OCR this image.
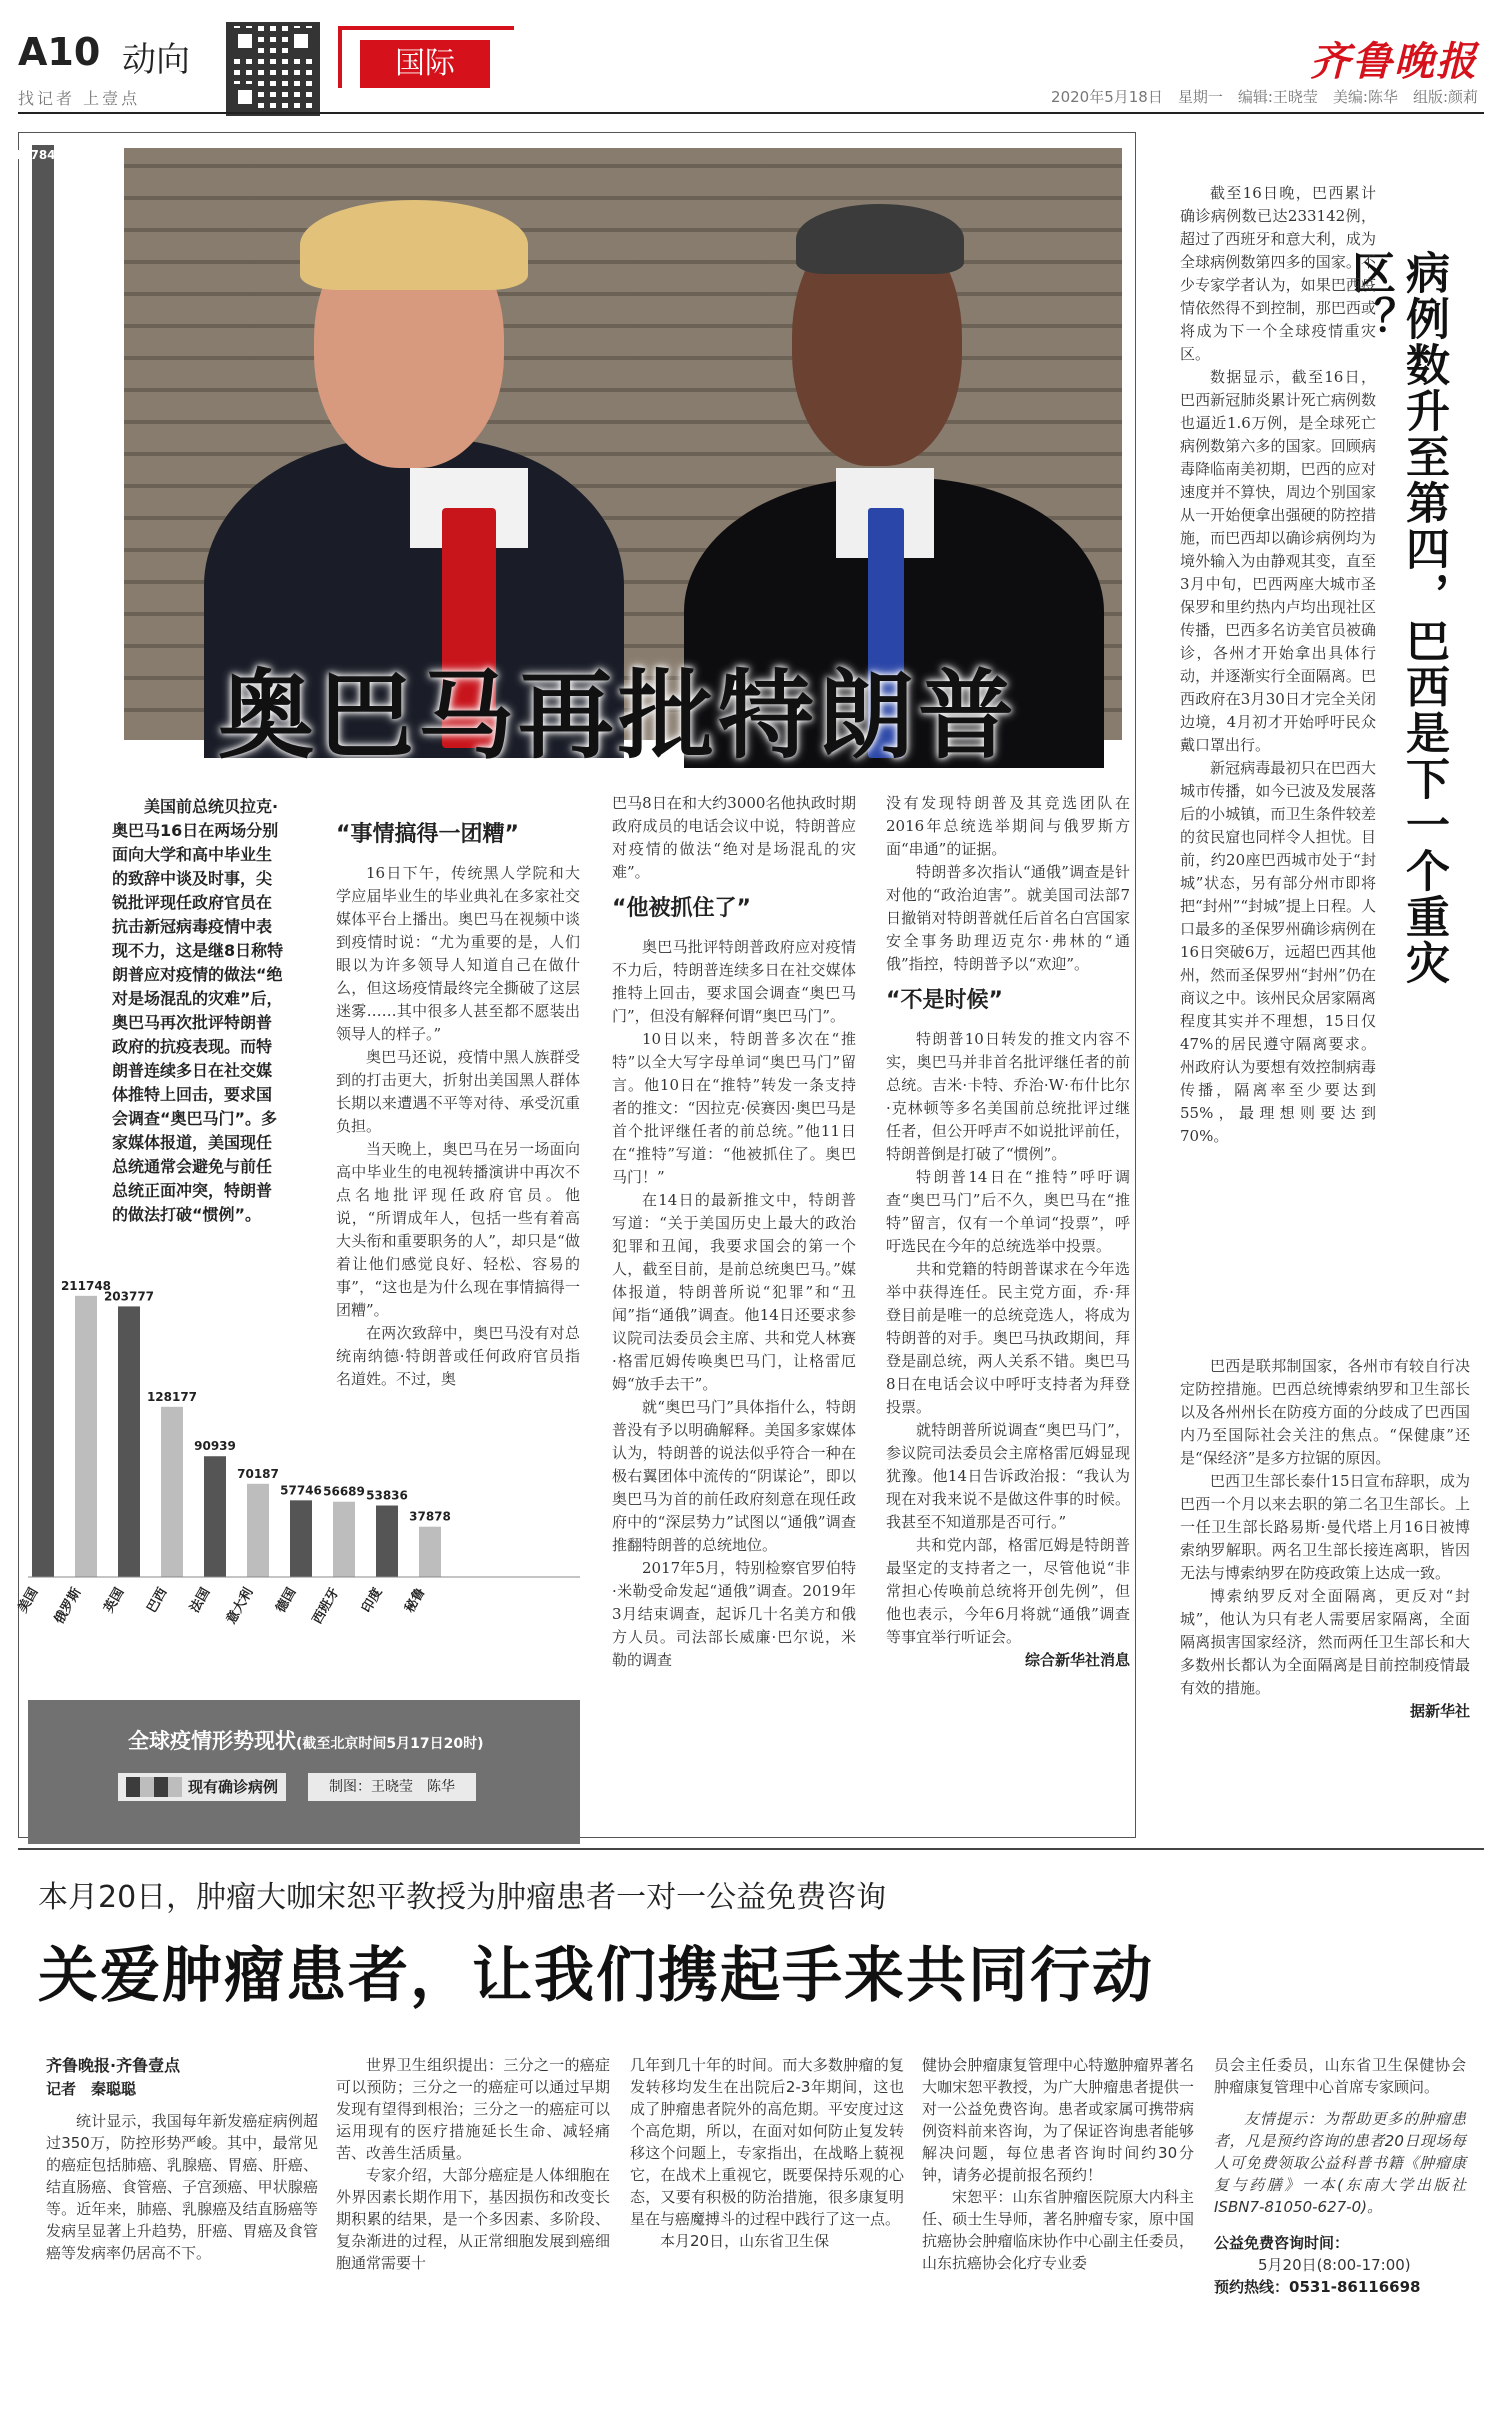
A10 动向
找记者 上壹点
国际	齐鲁晚报
2020年5月18日　星期一　编辑:王晓莹　美编:陈华　组版:颜莉
1078428
美国
211748
俄罗斯
203777
英国
128177
巴西
90939
法国
70187
意大利
57746
德国
56689
西班牙
53836
印度
37878
秘鲁
全球疫情形势现状(截至北京时间5月17日20时)
现有确诊病例	制图：王晓莹　陈华
奥巴马再批特朗普
美国前总统贝拉克·奥巴马16日在两场分别面向大学和高中毕业生的致辞中谈及时事，尖锐批评现任政府官员在抗击新冠病毒疫情中表现不力，这是继8日称特朗普应对疫情的做法“绝对是场混乱的灾难”后，奥巴马再次批评特朗普政府的抗疫表现。而特朗普连续多日在社交媒体推特上回击，要求国会调查“奥巴马门”。多家媒体报道，美国现任总统通常会避免与前任总统正面冲突，特朗普的做法打破“惯例”。
“事情搞得一团糟”

16日下午，传统黑人学院和大学应届毕业生的毕业典礼在多家社交媒体平台上播出。奥巴马在视频中谈到疫情时说：“尤为重要的是，人们眼以为许多领导人知道自己在做什么，但这场疫情最终完全撕破了这层迷雾……其中很多人甚至都不愿装出领导人的样子。”

奥巴马还说，疫情中黑人族群受到的打击更大，折射出美国黑人群体长期以来遭遇不平等对待、承受沉重负担。

当天晚上，奥巴马在另一场面向高中毕业生的电视转播演讲中再次不点名地批评现任政府官员。他说，“所谓成年人，包括一些有着高大头衔和重要职务的人”，却只是“做着让他们感觉良好、轻松、容易的事”，“这也是为什么现在事情搞得一团糟”。

在两次致辞中，奥巴马没有对总统南纳德·特朗普或任何政府官员指名道姓。不过，奥

巴马8日在和大约3000名他执政时期政府成员的电话会议中说，特朗普应对疫情的做法“绝对是场混乱的灾难”。

“他被抓住了”

奥巴马批评特朗普政府应对疫情不力后，特朗普连续多日在社交媒体推特上回击，要求国会调查“奥巴马门”，但没有解释何谓“奥巴马门”。

10日以来，特朗普多次在“推特”以全大写字母单词“奥巴马门”留言。他10日在“推特”转发一条支持者的推文：“因拉克·侯赛因·奥巴马是首个批评继任者的前总统。”他11日在“推特”写道：“他被抓住了。奥巴马门！”

在14日的最新推文中，特朗普写道：“关于美国历史上最大的政治犯罪和丑闻，我要求国会的第一个人，截至目前，是前总统奥巴马。”媒体报道，特朗普所说“犯罪”和“丑闻”指“通俄”调查。他14日还要求参议院司法委员会主席、共和党人林赛·格雷厄姆传唤奥巴马门，让格雷厄姆“放手去干”。

就“奥巴马门”具体指什么，特朗普没有予以明确解释。美国多家媒体认为，特朗普的说法似乎符合一种在极右翼团体中流传的“阴谋论”，即以奥巴马为首的前任政府刻意在现任政府中的“深层势力”试图以“通俄”调查推翻特朗普的总统地位。

2017年5月，特别检察官罗伯特·米勒受命发起“通俄”调查。2019年3月结束调查，起诉几十名美方和俄方人员。司法部长威廉·巴尔说，米勒的调查

没有发现特朗普及其竞选团队在2016年总统选举期间与俄罗斯方面“串通”的证据。

特朗普多次指认“通俄”调查是针对他的“政治迫害”。就美国司法部7日撤销对特朗普就任后首名白宫国家安全事务助理迈克尔·弗林的“通俄”指控，特朗普予以“欢迎”。

“不是时候”

特朗普10日转发的推文内容不实，奥巴马并非首名批评继任者的前总统。吉米·卡特、乔治·W·布什比尔·克林顿等多名美国前总统批评过继任者，但公开呼声不如说批评前任，特朗普倒是打破了“惯例”。

特朗普14日在“推特”呼吁调查“奥巴马门”后不久，奥巴马在“推特”留言，仅有一个单词“投票”，呼吁选民在今年的总统选举中投票。

共和党籍的特朗普谋求在今年选举中获得连任。民主党方面，乔·拜登目前是唯一的总统竞选人，将成为特朗普的对手。奥巴马执政期间，拜登是副总统，两人关系不错。奥巴马8日在电话会议中呼吁支持者为拜登投票。

就特朗普所说调查“奥巴马门”，参议院司法委员会主席格雷厄姆显现犹豫。他14日告诉政治报：“我认为现在对我来说不是做这件事的时候。我甚至不知道那是否可行。”

共和党内部，格雷厄姆是特朗普最坚定的支持者之一，尽管他说“非常担心传唤前总统将开创先例”，但他也表示，今年6月将就“通俄”调查等事宜举行听证会。

综合新华社消息

病例数升至第四，巴西是下一个重灾区？

截至16日晚，巴西累计确诊病例数已达233142例，超过了西班牙和意大利，成为全球病例数第四多的国家。不少专家学者认为，如果巴西疫情依然得不到控制，那巴西或将成为下一个全球疫情重灾区。

数据显示，截至16日，巴西新冠肺炎累计死亡病例数也逼近1.6万例，是全球死亡病例数第六多的国家。回顾病毒降临南美初期，巴西的应对速度并不算快，周边个别国家从一开始便拿出强硬的防控措施，而巴西却以确诊病例均为境外输入为由静观其变，直至3月中旬，巴西两座大城市圣保罗和里约热内卢均出现社区传播，巴西多名访美官员被确诊，各州才开始拿出具体行动，并逐渐实行全面隔离。巴西政府在3月30日才完全关闭边境，4月初才开始呼吁民众戴口罩出行。

新冠病毒最初只在巴西大城市传播，如今已波及发展落后的小城镇，而卫生条件较差的贫民窟也同样令人担忧。目前，约20座巴西城市处于“封城”状态，另有部分州市即将把“封州”“封城”提上日程。人口最多的圣保罗州确诊病例在16日突破6万，远超巴西其他州，然而圣保罗州“封州”仍在商议之中。该州民众居家隔离程度其实并不理想，15日仅47%的居民遵守隔离要求。州政府认为要想有效控制病毒传播，隔离率至少要达到55%，最理想则要达到70%。

巴西是联邦制国家，各州市有较自行决定防控措施。巴西总统博索纳罗和卫生部长以及各州州长在防疫方面的分歧成了巴西国内乃至国际社会关注的焦点。“保健康”还是“保经济”是多方拉锯的原因。

巴西卫生部长泰什15日宣布辞职，成为巴西一个月以来去职的第二名卫生部长。上一任卫生部长路易斯·曼代塔上月16日被博索纳罗解职。两名卫生部长接连离职，皆因无法与博索纳罗在防疫政策上达成一致。

博索纳罗反对全面隔离，更反对“封城”，他认为只有老人需要居家隔离，全面隔离损害国家经济，然而两任卫生部长和大多数州长都认为全面隔离是目前控制疫情最有效的措施。

据新华社

本月20日，肿瘤大咖宋恕平教授为肿瘤患者一对一公益免费咨询
关爱肿瘤患者，让我们携起手来共同行动

齐鲁晚报·齐鲁壹点

记者　秦聪聪

统计显示，我国每年新发癌症病例超过350万，防控形势严峻。其中，最常见的癌症包括肺癌、乳腺癌、胃癌、肝癌、结直肠癌、食管癌、子宫颈癌、甲状腺癌等。近年来，肺癌、乳腺癌及结直肠癌等发病呈显著上升趋势，肝癌、胃癌及食管癌等发病率仍居高不下。

世界卫生组织提出：三分之一的癌症可以预防；三分之一的癌症可以通过早期发现有望得到根治；三分之一的癌症可以运用现有的医疗措施延长生命、减轻痛苦、改善生活质量。

专家介绍，大部分癌症是人体细胞在外界因素长期作用下，基因损伤和改变长期积累的结果，是一个多因素、多阶段、复杂渐进的过程，从正常细胞发展到癌细胞通常需要十

几年到几十年的时间。而大多数肿瘤的复发转移均发生在出院后2-3年期间，这也成了肿瘤患者院外的高危期。平安度过这个高危期，所以，在面对如何防止复发转移这个问题上，专家指出，在战略上藐视它，在战术上重视它，既要保持乐观的心态，又要有积极的防治措施，很多康复明星在与癌魔搏斗的过程中践行了这一点。

本月20日，山东省卫生保

健协会肿瘤康复管理中心特邀肿瘤界著名大咖宋恕平教授，为广大肿瘤患者提供一对一公益免费咨询。患者或家属可携带病例资料前来咨询，为了保证咨询患者能够解决问题，每位患者咨询时间约30分钟，请务必提前报名预约！

宋恕平：山东省肿瘤医院原大内科主任、硕士生导师，著名肿瘤专家，原中国抗癌协会肿瘤临床协作中心副主任委员，山东抗癌协会化疗专业委

员会主任委员，山东省卫生保健协会肿瘤康复管理中心首席专家顾问。

友情提示：为帮助更多的肿瘤患者，凡是预约咨询的患者20日现场每人可免费领取公益科普书籍《肿瘤康复与药膳》一本(东南大学出版社ISBN7-81050-627-0)。

公益免费咨询时间：

5月20日(8:00-17:00)

预约热线：0531-86116698
